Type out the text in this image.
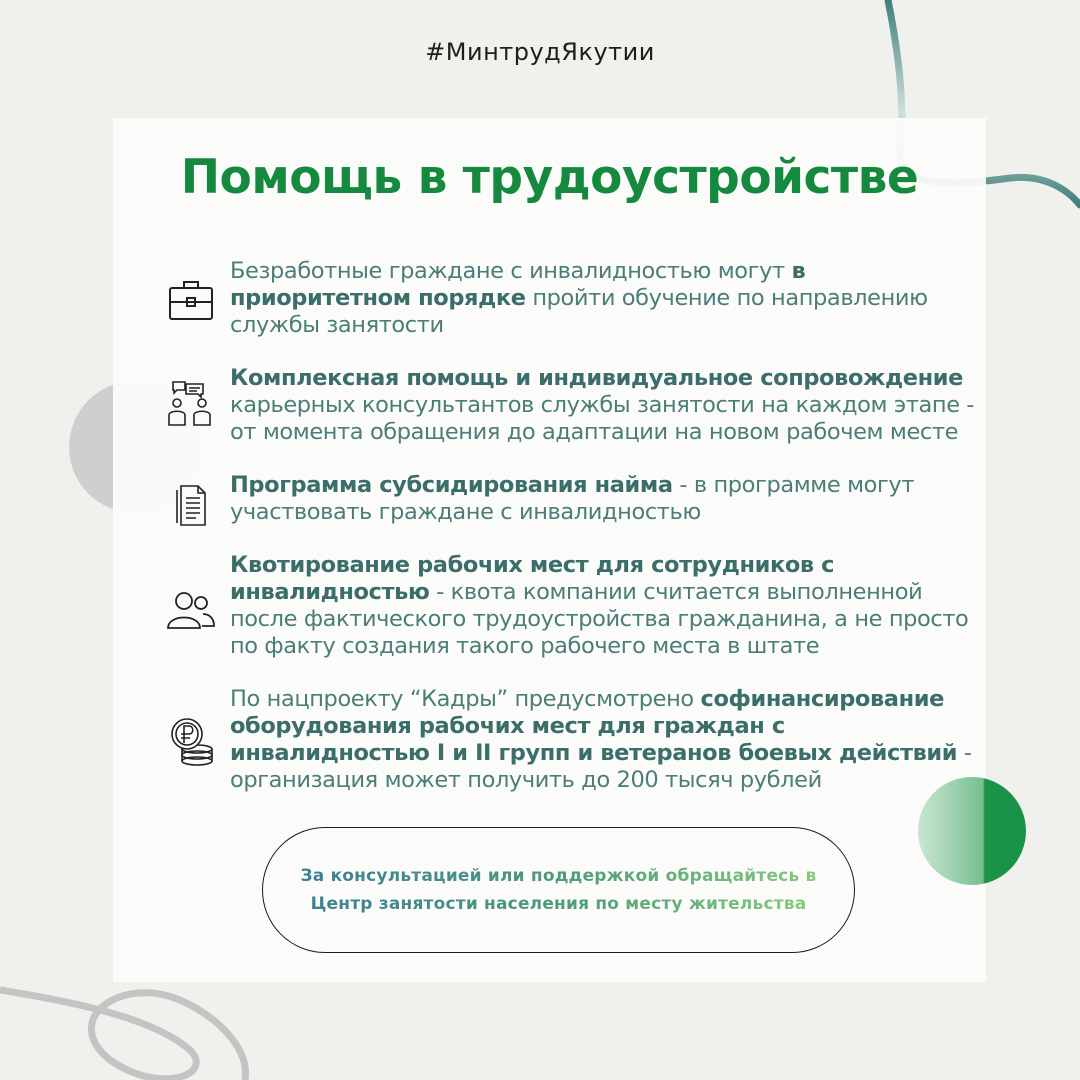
#МинтрудЯкутии
Помощь в трудоустройстве

Безработные граждане с инвалидностью могут в приоритетном порядке пройти обучение по направлению службы занятости

Комплексная помощь и индивидуальное сопровождение карьерных консультантов службы занятости на каждом этапе - от момента обращения до адаптации на новом рабочем месте

Программа субсидирования найма - в программе могут участвовать граждане с инвалидностью

Квотирование рабочих мест для сотрудников с инвалидностью - квота компании считается выполненной после фактического трудоустройства гражданина, а не просто по факту создания такого рабочего места в штате

По нацпроекту “Кадры” предусмотрено софинансирование оборудования рабочих мест для граждан с инвалидностью I и II групп и ветеранов боевых действий - организация может получить до 200 тысяч рублей

За консультацией или поддержкой обращайтесь в
Центр занятости населения по месту жительства
